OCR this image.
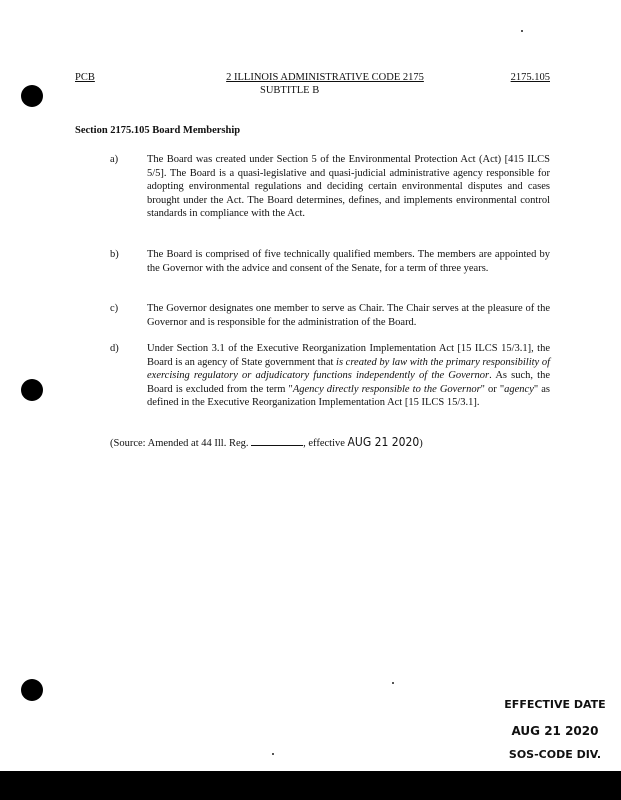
PCB	2 ILLINOIS ADMINISTRATIVE CODE 2175	2175.105
SUBTITLE B
Section 2175.105 Board Membership
a)	The Board was created under Section 5 of the Environmental Protection Act (Act) [415 ILCS 5/5]. The Board is a quasi-legislative and quasi-judicial administrative agency responsible for adopting environmental regulations and deciding certain environmental disputes and cases brought under the Act. The Board determines, defines, and implements environmental control standards in compliance with the Act.
b)	The Board is comprised of five technically qualified members. The members are appointed by the Governor with the advice and consent of the Senate, for a term of three years.
c)	The Governor designates one member to serve as Chair. The Chair serves at the pleasure of the Governor and is responsible for the administration of the Board.
d)	Under Section 3.1 of the Executive Reorganization Implementation Act [15 ILCS 15/3.1], the Board is an agency of State government that is created by law with the primary responsibility of exercising regulatory or adjudicatory functions independently of the Governor. As such, the Board is excluded from the term "Agency directly responsible to the Governor" or "agency" as defined in the Executive Reorganization Implementation Act [15 ILCS 15/3.1].
(Source: Amended at 44 Ill. Reg.	, effective AUG 21 2020)
EFFECTIVE DATE
AUG 21 2020
SOS-CODE DIV.
